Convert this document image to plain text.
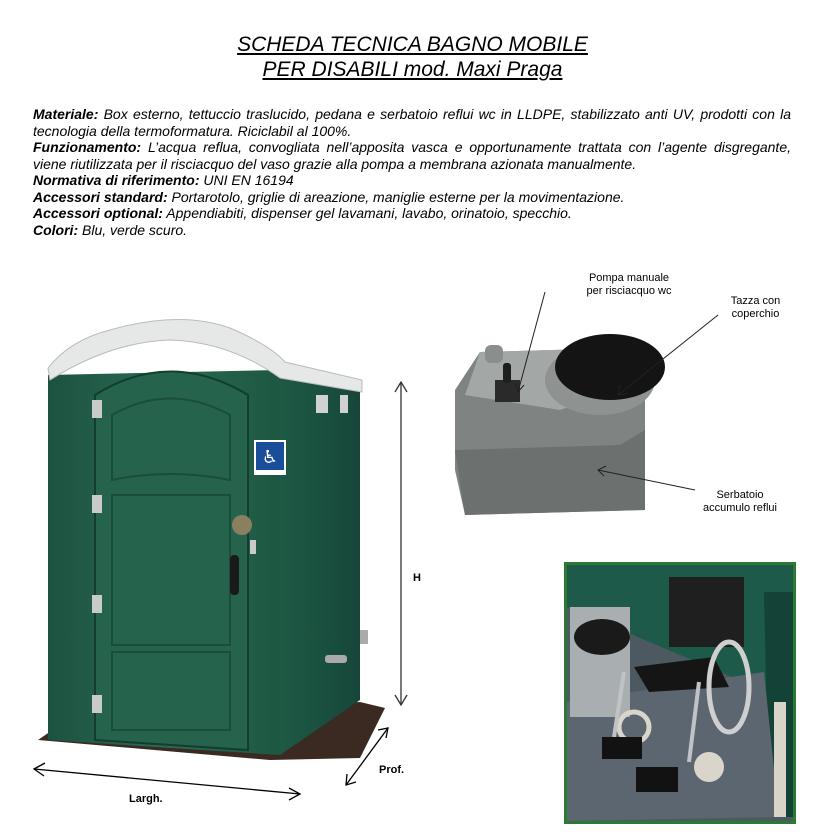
SCHEDA TECNICA BAGNO MOBILE
PER DISABILI mod. Maxi Praga

Materiale: Box esterno, tettuccio traslucido, pedana e serbatoio reflui wc in LLDPE, stabilizzato anti UV, prodotti con la tecnologia della termoformatura. Riciclabil al 100%.

Funzionamento: L’acqua reflua, convogliata nell’apposita vasca e opportunamente trattata con l’agente disgregante, viene riutilizzata per il risciacquo del vaso grazie alla pompa a membrana azionata manualmente.

Normativa di riferimento: UNI EN 16194

Accessori standard: Portarotolo, griglie di areazione, maniglie esterne per la movimentazione.

Accessori optional: Appendiabiti, dispenser gel lavamani, lavabo, orinatoio, specchio.

Colori: Blu, verde scuro.

♿
H
Prof.
Largh.
Pompa manuale
per risciacquo wc
Tazza con
coperchio
Serbatoio
accumulo reflui
